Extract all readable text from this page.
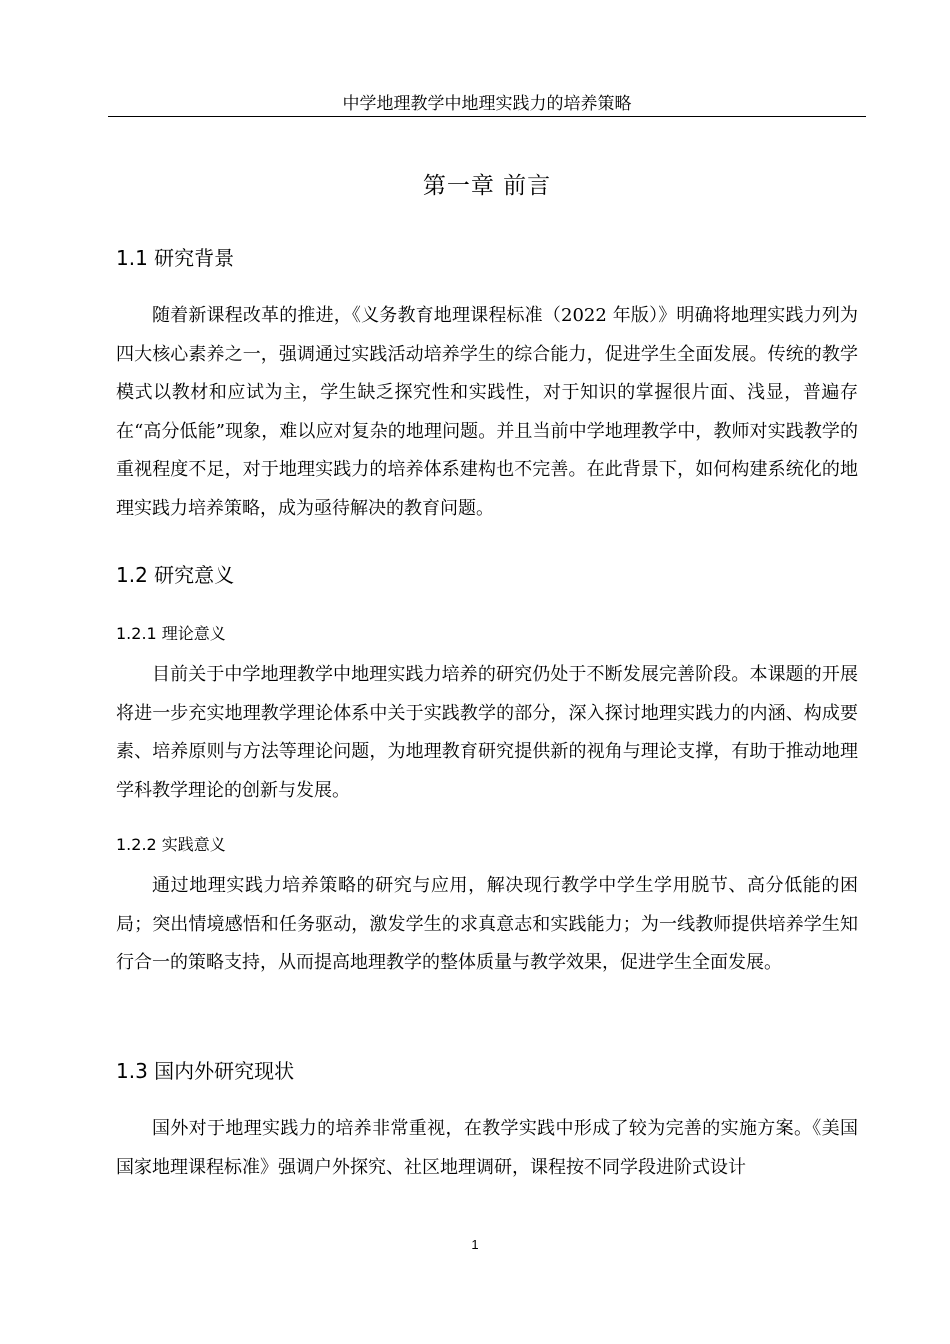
中学地理教学中地理实践力的培养策略
第一章 前言
1.1 研究背景

随着新课程改革的推进，《义务教育地理课程标准（2022 年版）》明确将地理实践力列为四大核心素养之一，强调通过实践活动培养学生的综合能力，促进学生全面发展。传统的教学模式以教材和应试为主，学生缺乏探究性和实践性，对于知识的掌握很片面、浅显，普遍存在“高分低能”现象，难以应对复杂的地理问题。并且当前中学地理教学中，教师对实践教学的重视程度不足，对于地理实践力的培养体系建构也不完善。在此背景下，如何构建系统化的地理实践力培养策略，成为亟待解决的教育问题。

1.2 研究意义
1.2.1 理论意义

目前关于中学地理教学中地理实践力培养的研究仍处于不断发展完善阶段。本课题的开展将进一步充实地理教学理论体系中关于实践教学的部分，深入探讨地理实践力的内涵、构成要素、培养原则与方法等理论问题，为地理教育研究提供新的视角与理论支撑，有助于推动地理学科教学理论的创新与发展。

1.2.2 实践意义

通过地理实践力培养策略的研究与应用，解决现行教学中学生学用脱节、高分低能的困局；突出情境感悟和任务驱动，激发学生的求真意志和实践能力；为一线教师提供培养学生知行合一的策略支持，从而提高地理教学的整体质量与教学效果，促进学生全面发展。

1.3 国内外研究现状

国外对于地理实践力的培养非常重视，在教学实践中形成了较为完善的实施方案。《美国国家地理课程标准》强调户外探究、社区地理调研，课程按不同学段进阶式设计

1
